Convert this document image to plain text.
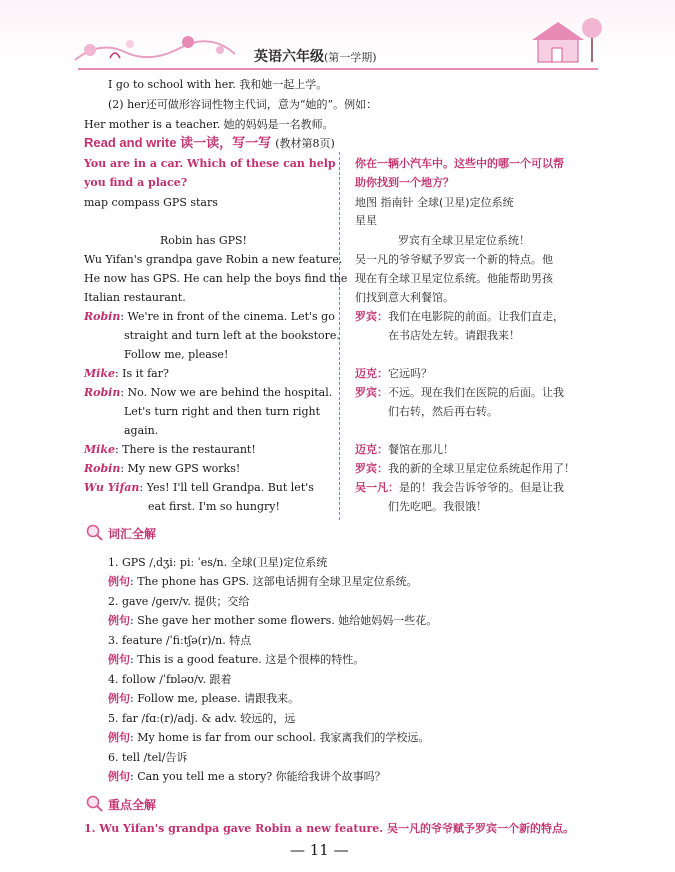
英语六年级(第一学期)
I go to school with her. 我和她一起上学。
(2) her还可做形容词性物主代词，意为“她的”。例如：
Her mother is a teacher. 她的妈妈是一名教师。
Read and write 读一读，写一写 (教材第8页)
You are in a car. Which of these can help
you find a place?
map compass GPS stars
Robin has GPS!
Wu Yifan's grandpa gave Robin a new feature.
He now has GPS. He can help the boys find the
Italian restaurant.
Robin: We're in front of the cinema. Let's go
straight and turn left at the bookstore.
Follow me, please!
Mike: Is it far?
Robin: No. Now we are behind the hospital.
Let's turn right and then turn right
again.
Mike: There is the restaurant!
Robin: My new GPS works!
Wu Yifan: Yes! I'll tell Grandpa. But let's
eat first. I'm so hungry!
你在一辆小汽车中。这些中的哪一个可以帮
助你找到一个地方？
地图 指南针 全球(卫星)定位系统
星星
罗宾有全球卫星定位系统！
吴一凡的爷爷赋予罗宾一个新的特点。他
现在有全球卫星定位系统。他能帮助男孩
们找到意大利餐馆。
罗宾：我们在电影院的前面。让我们直走，
在书店处左转。请跟我来！
迈克：它远吗？
罗宾：不远。现在我们在医院的后面。让我
们右转，然后再右转。
迈克：餐馆在那儿！
罗宾：我的新的全球卫星定位系统起作用了！
吴一凡：是的！我会告诉爷爷的。但是让我
们先吃吧。我很饿！
词汇全解
1. GPS /ˌdʒiː piː ˈes/n. 全球(卫星)定位系统
例句: The phone has GPS. 这部电话拥有全球卫星定位系统。
2. gave /ɡeɪv/v. 提供；交给
例句: She gave her mother some flowers. 她给她妈妈一些花。
3. feature /ˈfiːtʃə(r)/n. 特点
例句: This is a good feature. 这是个很棒的特性。
4. follow /ˈfɒləʊ/v. 跟着
例句: Follow me, please. 请跟我来。
5. far /fɑː(r)/adj. & adv. 较远的，远
例句: My home is far from our school. 我家离我们的学校远。
6. tell /tel/告诉
例句: Can you tell me a story? 你能给我讲个故事吗？
重点全解
1. Wu Yifan's grandpa gave Robin a new feature. 吴一凡的爷爷赋予罗宾一个新的特点。
— 11 —
